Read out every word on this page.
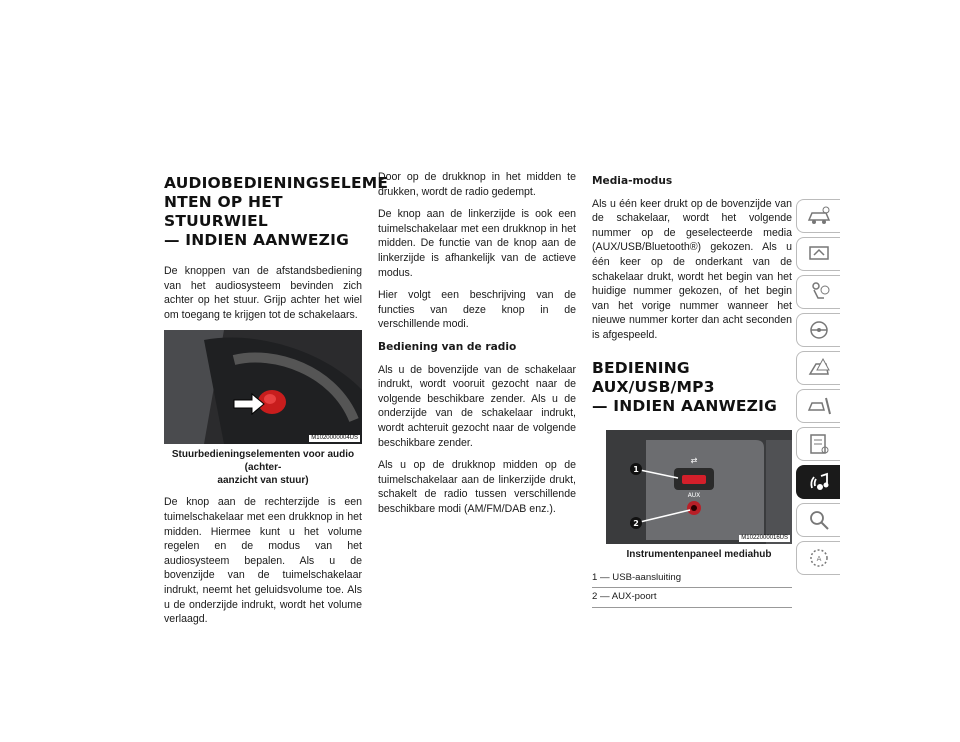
AUDIOBEDIENINGSELEME
NTEN OP HET STUURWIEL
— INDIEN AANWEZIG

De knoppen van de afstandsbediening van het audiosysteem bevinden zich achter op het stuur. Grijp achter het wiel om toegang te krijgen tot de schakelaars.

M1020000004US
Stuurbedieningselementen voor audio (achter-
aanzicht van stuur)

De knop aan de rechterzijde is een tuimelschakelaar met een drukknop in het midden. Hiermee kunt u het volume regelen en de modus van het audiosysteem bepalen. Als u de bovenzijde van de tuimelschakelaar indrukt, neemt het geluidsvolume toe. Als u de onderzijde indrukt, wordt het volume verlaagd.

Door op de drukknop in het midden te drukken, wordt de radio gedempt.

De knop aan de linkerzijde is ook een tuimelschakelaar met een drukknop in het midden. De functie van de knop aan de linkerzijde is afhankelijk van de actieve modus.

Hier volgt een beschrijving van de functies van deze knop in de verschillende modi.

Bediening van de radio

Als u de bovenzijde van de schakelaar indrukt, wordt vooruit gezocht naar de volgende beschikbare zender. Als u de onderzijde van de schakelaar indrukt, wordt achteruit gezocht naar de volgende beschikbare zender.

Als u op de drukknop midden op de tuimelschakelaar aan de linkerzijde drukt, schakelt de radio tussen verschillende beschikbare modi (AM/FM/DAB enz.).

Media-modus

Als u één keer drukt op de bovenzijde van de schakelaar, wordt het volgende nummer op de geselecteerde media (AUX/USB/Bluetooth®) gekozen. Als u één keer op de onderkant van de schakelaar drukt, wordt het begin van het huidige nummer gekozen, of het begin van het vorige nummer wanneer het nieuwe nummer korter dan acht seconden is afgespeeld.

BEDIENING AUX/USB/MP3
— INDIEN AANWEZIG
⇄
AUX
1
2
M1022000016US
Instrumentenpaneel mediahub
1 — USB-aansluiting
2 — AUX-poort
A
